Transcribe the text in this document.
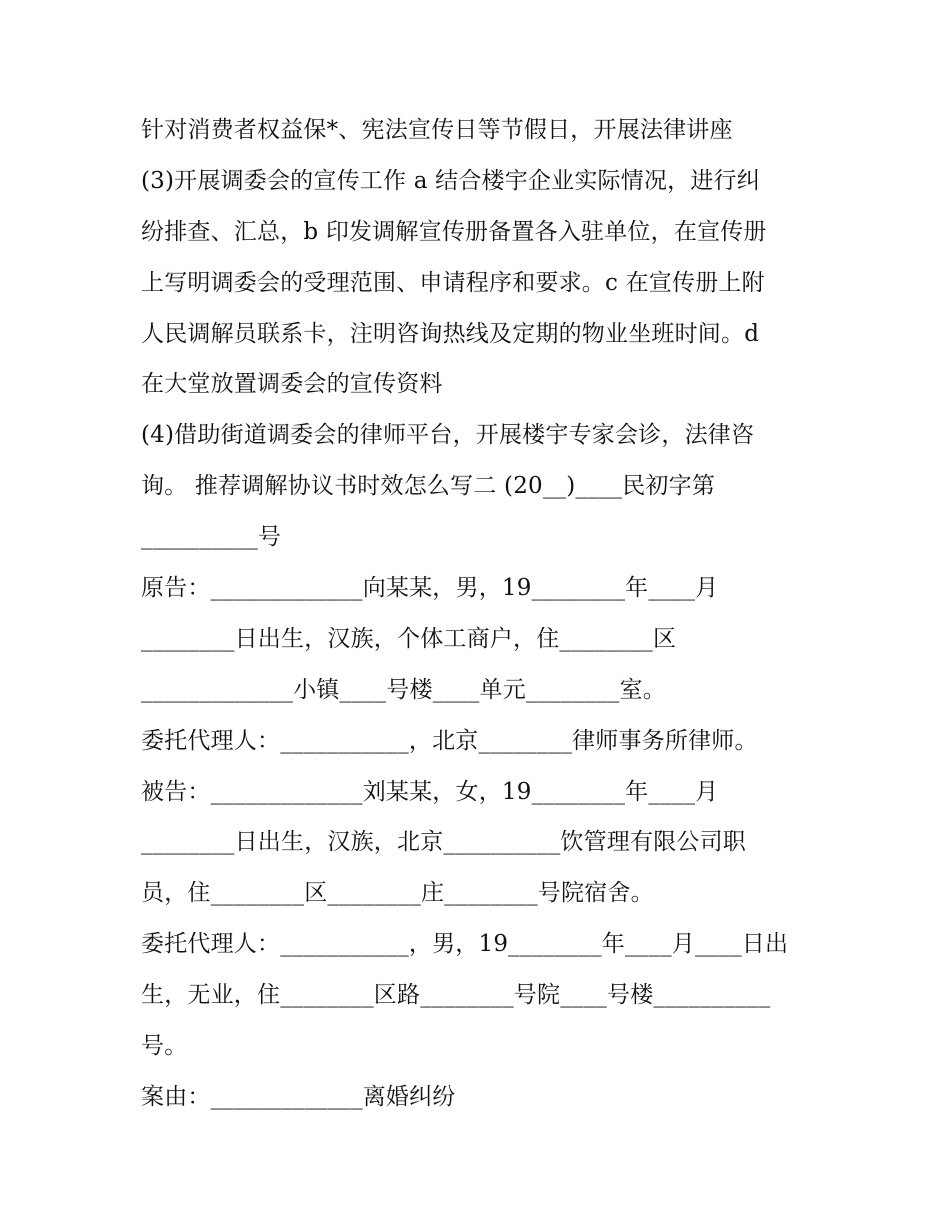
针对消费者权益保*、宪法宣传日等节假日，开展法律讲座
(3)开展调委会的宣传工作 a 结合楼宇企业实际情况，进行纠
纷排查、汇总，b 印发调解宣传册备置各入驻单位，在宣传册
上写明调委会的受理范围、申请程序和要求。c 在宣传册上附
人民调解员联系卡，注明咨询热线及定期的物业坐班时间。d
在大堂放置调委会的宣传资料
(4)借助街道调委会的律师平台，开展楼宇专家会诊，法律咨
询。 推荐调解协议书时效怎么写二 (20__)____民初字第
__________号
原告：_____________向某某，男，19________年____月
________日出生，汉族，个体工商户，住________区
_____________小镇____号楼____单元________室。
委托代理人：___________，北京________律师事务所律师。
被告：_____________刘某某，女，19________年____月
________日出生，汉族，北京__________饮管理有限公司职
员，住________区________庄________号院宿舍。
委托代理人：___________，男，19________年____月____日出
生，无业，住________区路________号院____号楼__________
号。
案由：_____________离婚纠纷
